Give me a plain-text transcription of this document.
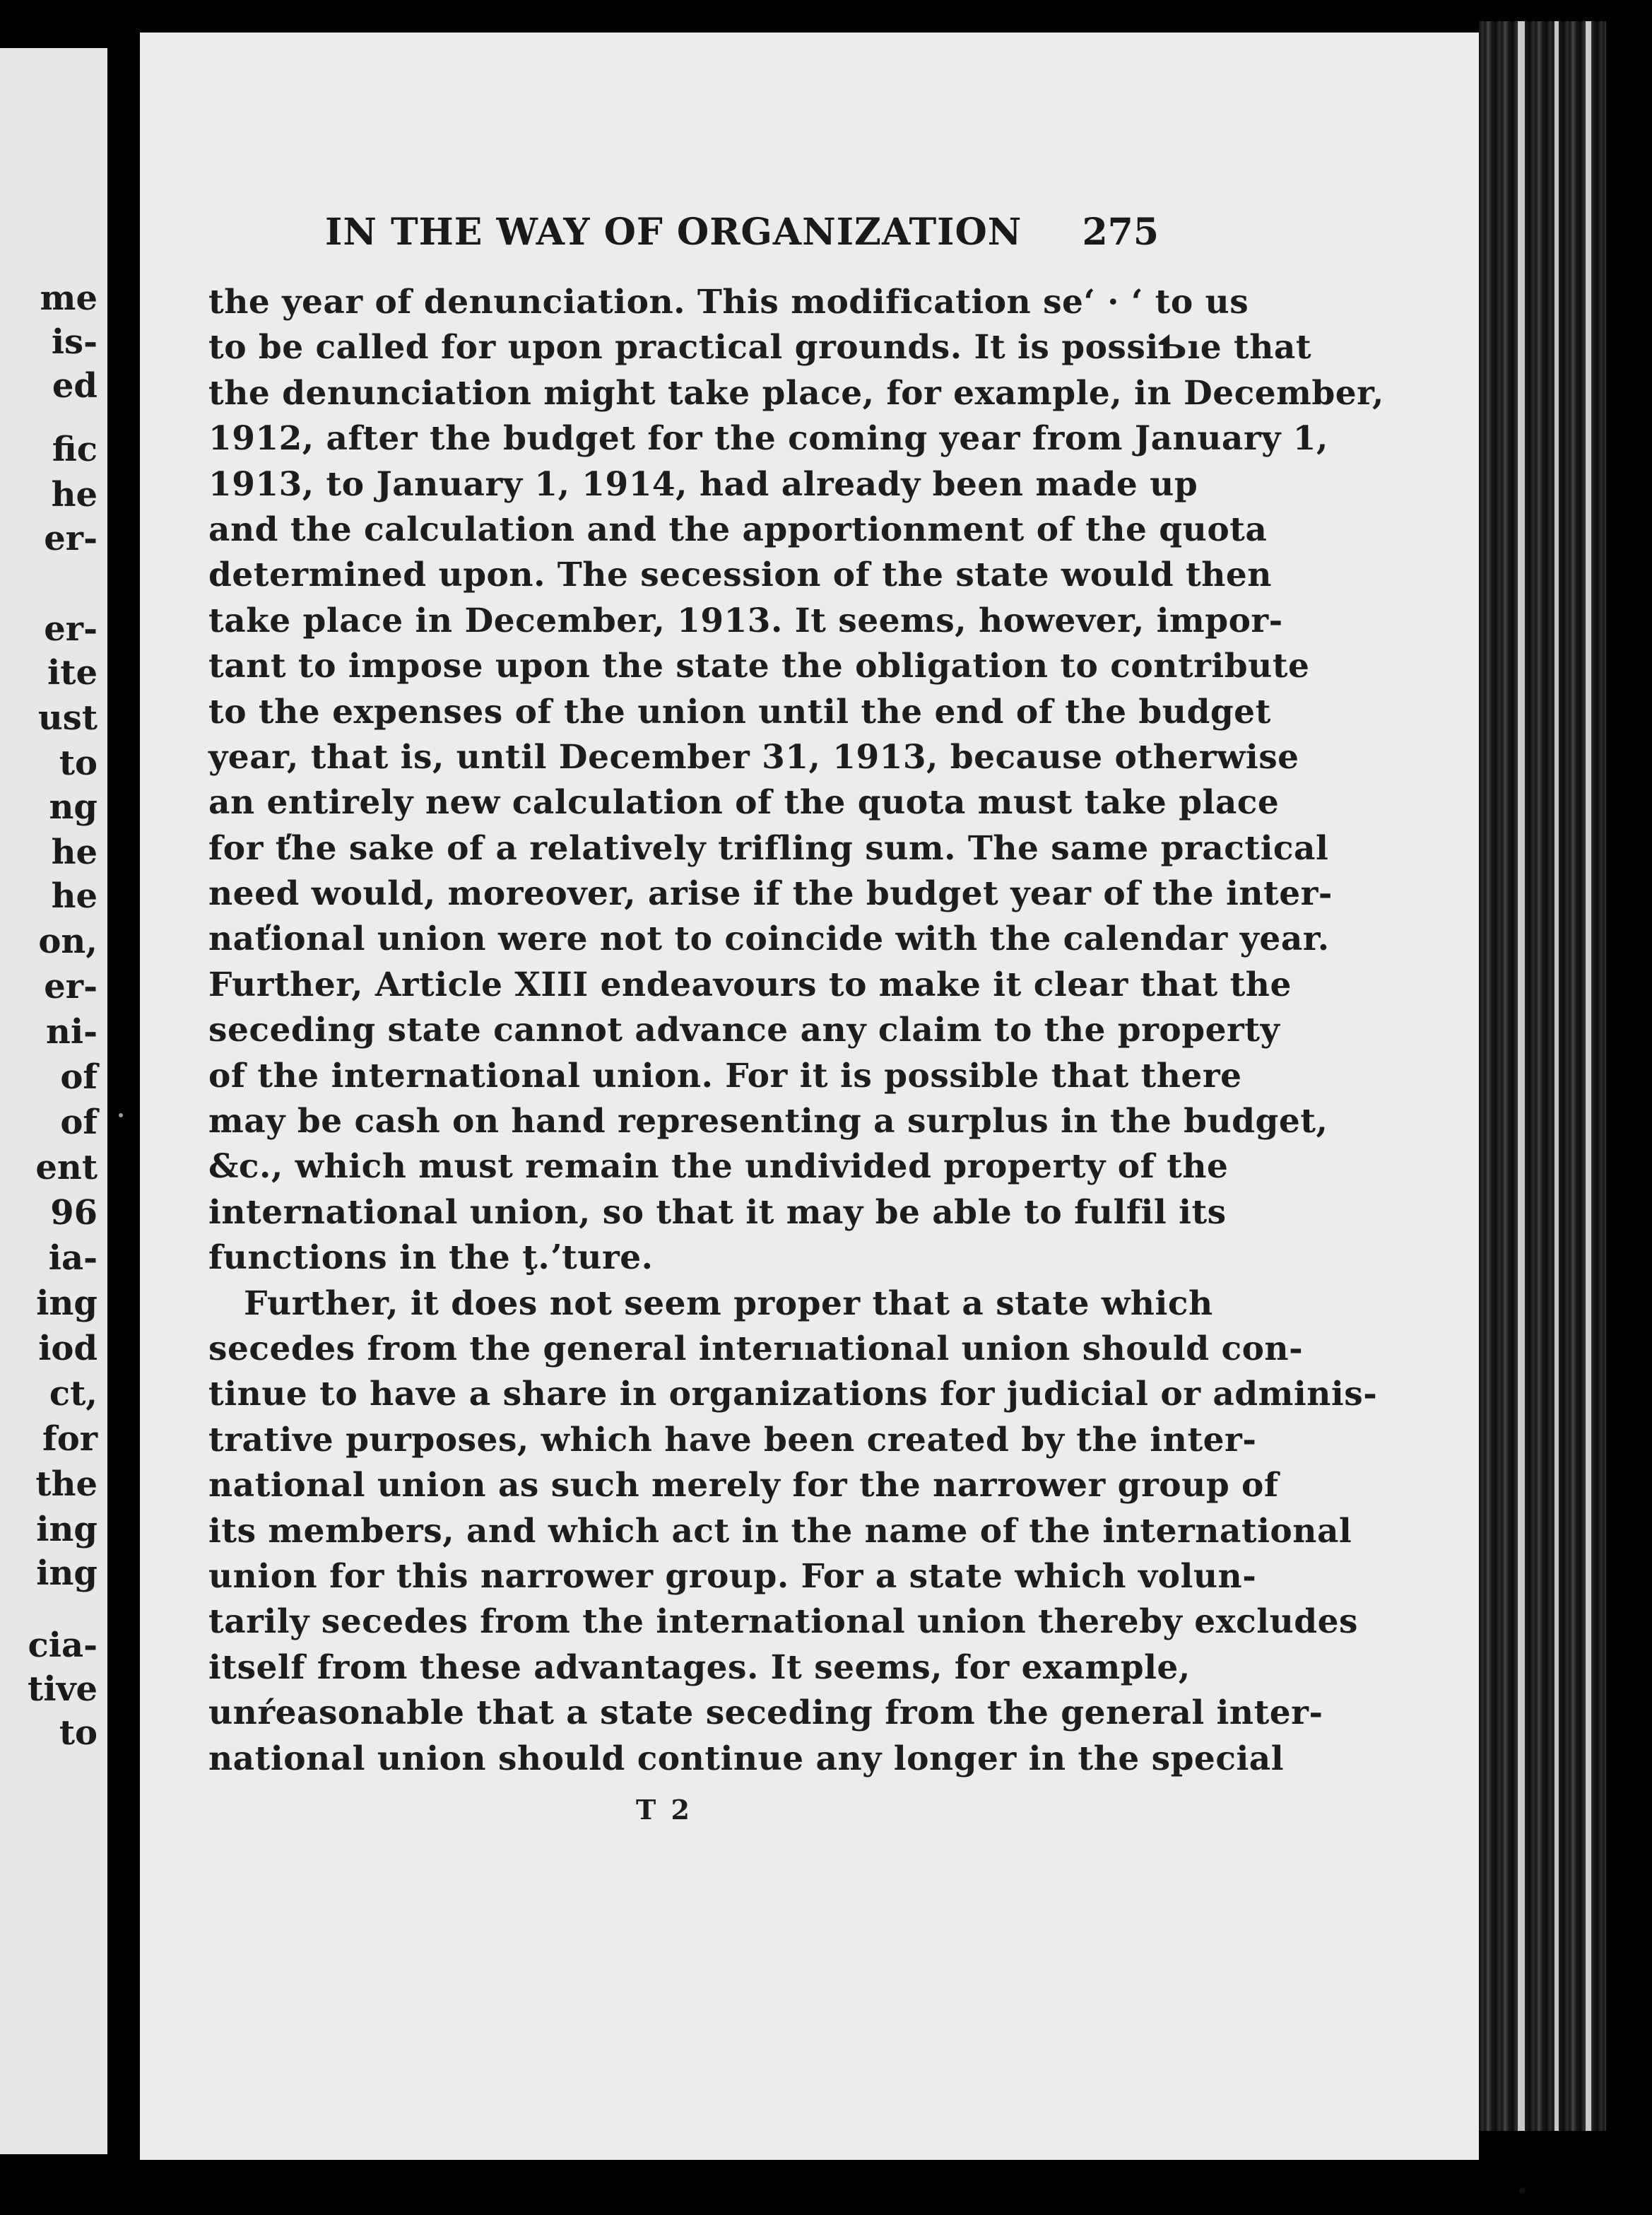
me

is-

ed

fic

he

er-

er-

ite

ust

to

ng

he

he

on,

er-

ni-

of

of

ent

96

ia-

ing

iod

ct,

for

the

ing

ing

cia-

tive

to

IN THE WAY OF ORGANIZATION 275
the year of denunciation. This modification seʻ · ʻ to us
to be called for upon practical grounds. It is possiƄıe that
the denunciation might take place, for example, in December,
1912, after the budget for the coming year from January 1,
1913, to January 1, 1914, had already been made up
and the calculation and the apportionment of the quota
determined upon. The secession of the state would then
take place in December, 1913. It seems, however, impor-
tant to impose upon the state the obligation to contribute
to the expenses of the union until the end of the budget
year, that is, until December 31, 1913, because otherwise
an entirely new calculation of the quota must take place
for ťhe sake of a relatively trifling sum. The same practical
need would, moreover, arise if the budget year of the inter-
naťional union were not to coincide with the calendar year.
Further, Article XIII endeavours to make it clear that the
seceding state cannot advance any claim to the property
of the international union. For it is possible that there
may be cash on hand representing a surplus in the budget,
&c., which must remain the undivided property of the
international union, so that it may be able to fulfil its
functions in the ţ.ʼture.
Further, it does not seem proper that a state which
secedes from the general interııational union should con-
tinue to have a share in organizations for judicial or adminis-
trative purposes, which have been created by the inter-
national union as such merely for the narrower group of
its members, and which act in the name of the international
union for this narrower group. For a state which volun-
tarily secedes from the international union thereby excludes
itself from these advantages. It seems, for example,
unŕeasonable that a state seceding from the general inter-
national union should continue any longer in the special
T 2
